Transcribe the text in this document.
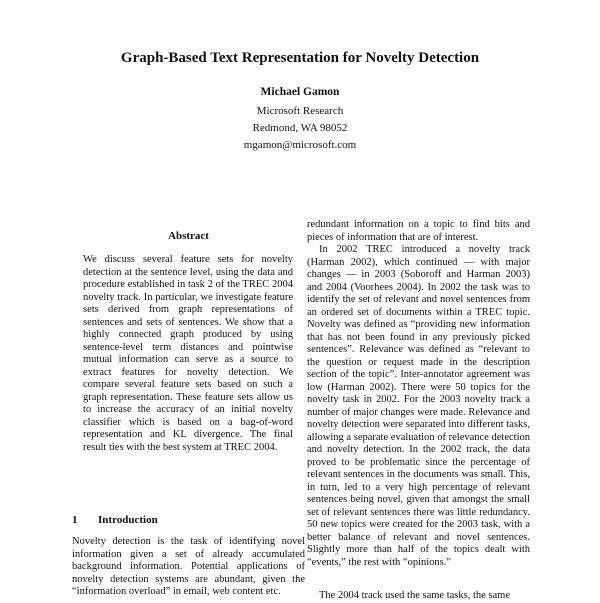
Graph-Based Text Representation for Novelty Detection
Michael Gamon
Microsoft Research
Redmond, WA 98052
mgamon@microsoft.com
Abstract

We discuss several feature sets for novelty detection at the sentence level, using the data and procedure established in task 2 of the TREC 2004 novelty track. In particular, we investigate feature sets derived from graph representations of sentences and sets of sentences. We show that a highly connected graph produced by using sentence-level term distances and pointwise mutual information can serve as a source to extract features for novelty detection. We compare several feature sets based on such a graph representation. These feature sets allow us to increase the accuracy of an initial novelty classifier which is based on a bag-of-word representation and KL divergence. The final result ties with the best system at TREC 2004.

1 Introduction

Novelty detection is the task of identifying novel information given a set of already accumulated background information. Potential applications of novelty detection systems are abundant, given the “information overload” in email, web content etc.

redundant information on a topic to find bits and pieces of information that are of interest.

In 2002 TREC introduced a novelty track (Harman 2002), which continued — with major changes — in 2003 (Soboroff and Harman 2003) and 2004 (Voorhees 2004). In 2002 the task was to identify the set of relevant and novel sentences from an ordered set of documents within a TREC topic. Novelty was defined as “providing new information that has not been found in any previously picked sentences”. Relevance was defined as “relevant to the question or request made in the description section of the topic”. Inter-annotator agreement was low (Harman 2002). There were 50 topics for the novelty task in 2002. For the 2003 novelty track a number of major changes were made. Relevance and novelty detection were separated into different tasks, allowing a separate evaluation of relevance detection and novelty detection. In the 2002 track, the data proved to be problematic since the percentage of relevant sentences in the documents was small. This, in turn, led to a very high percentage of relevant sentences being novel, given that amongst the small set of relevant sentences there was little redundancy. 50 new topics were created for the 2003 task, with a better balance of relevant and novel sentences. Slightly more than half of the topics dealt with “events,” the rest with “opinions.”

The 2004 track used the same tasks, the same
